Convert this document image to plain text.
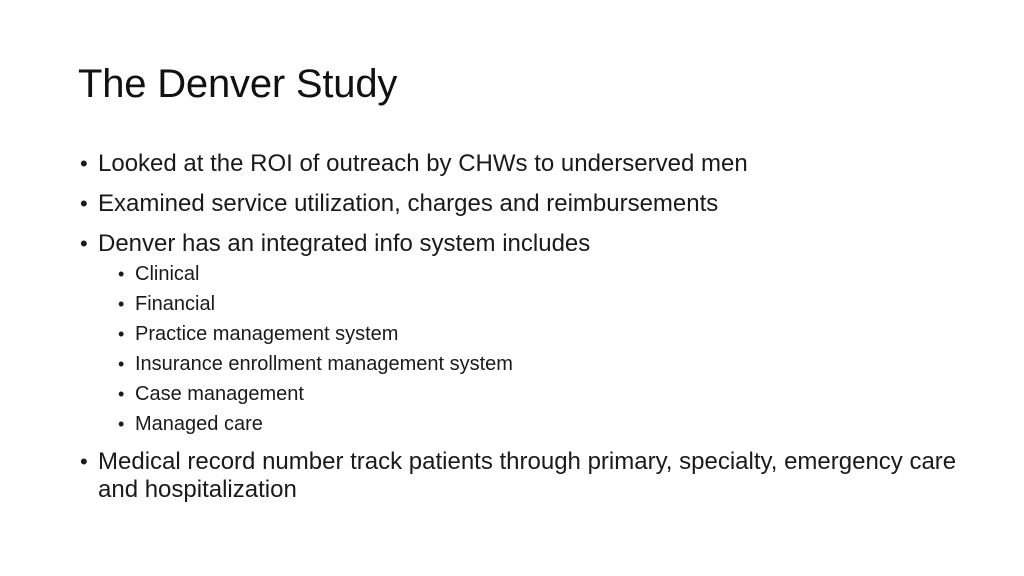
The Denver Study
• Looked at the ROI of outreach by CHWs to underserved men
• Examined service utilization, charges and reimbursements
• Denver has an integrated info system includes
• Clinical
• Financial
• Practice management system
• Insurance enrollment management system
• Case management
• Managed care
• Medical record number track patients through primary, specialty, emergency care and hospitalization
